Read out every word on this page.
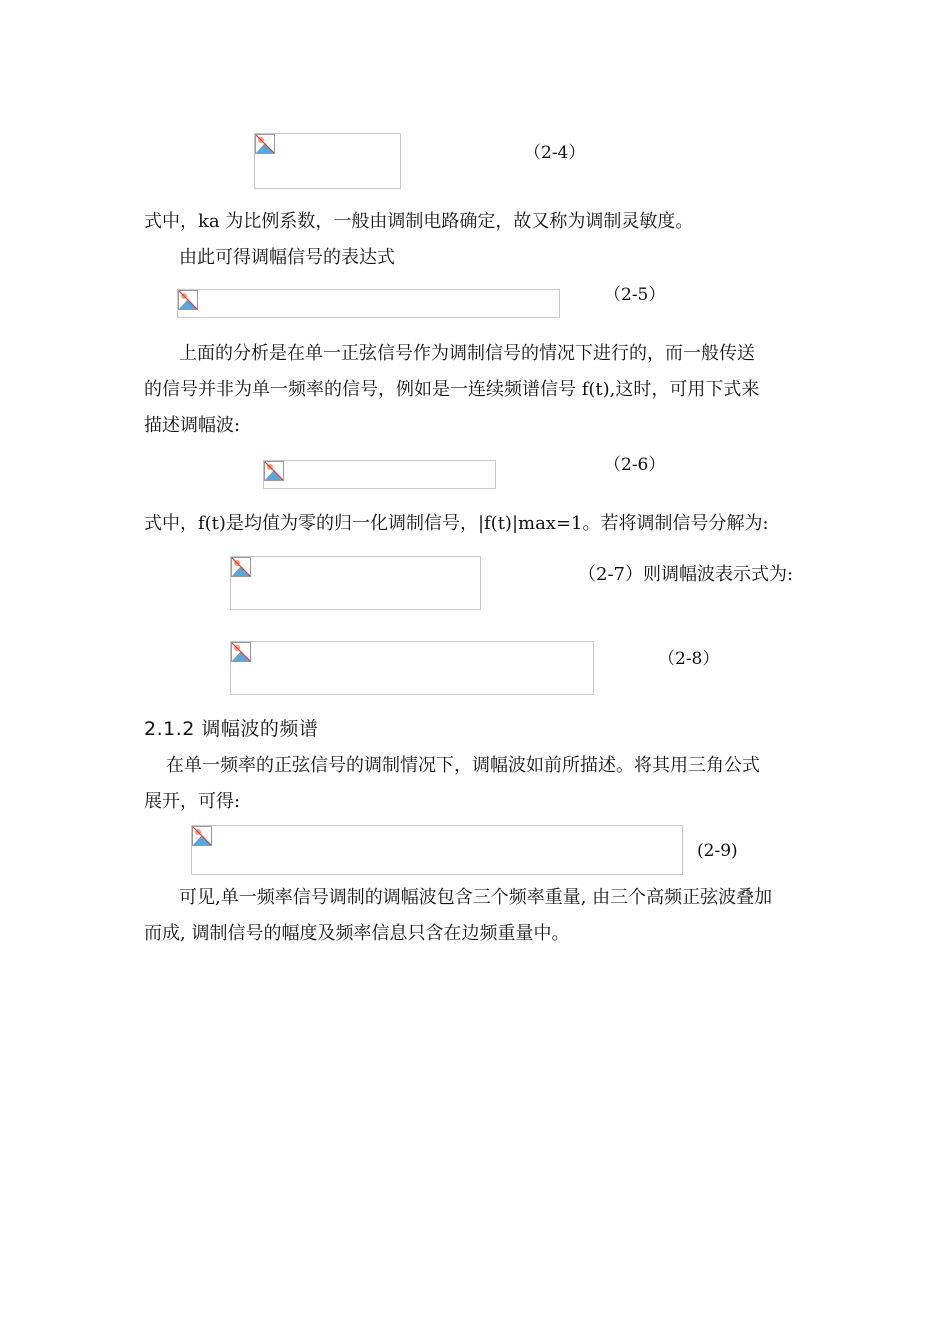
（2-4）
式中，ka 为比例系数，一般由调制电路确定，故又称为调制灵敏度。
由此可得调幅信号的表达式
（2-5）
上面的分析是在单一正弦信号作为调制信号的情况下进行的，而一般传送
的信号并非为单一频率的信号，例如是一连续频谱信号 f(t),这时，可用下式来
描述调幅波:
（2-6）
式中，f(t)是均值为零的归一化调制信号，|f(t)|max=1。若将调制信号分解为:
（2-7）则调幅波表示式为:
（2-8）
2.1.2 调幅波的频谱
在单一频率的正弦信号的调制情况下，调幅波如前所描述。将其用三角公式
展开，可得:
(2-9)
可见,单一频率信号调制的调幅波包含三个频率重量, 由三个高频正弦波叠加
而成, 调制信号的幅度及频率信息只含在边频重量中。
